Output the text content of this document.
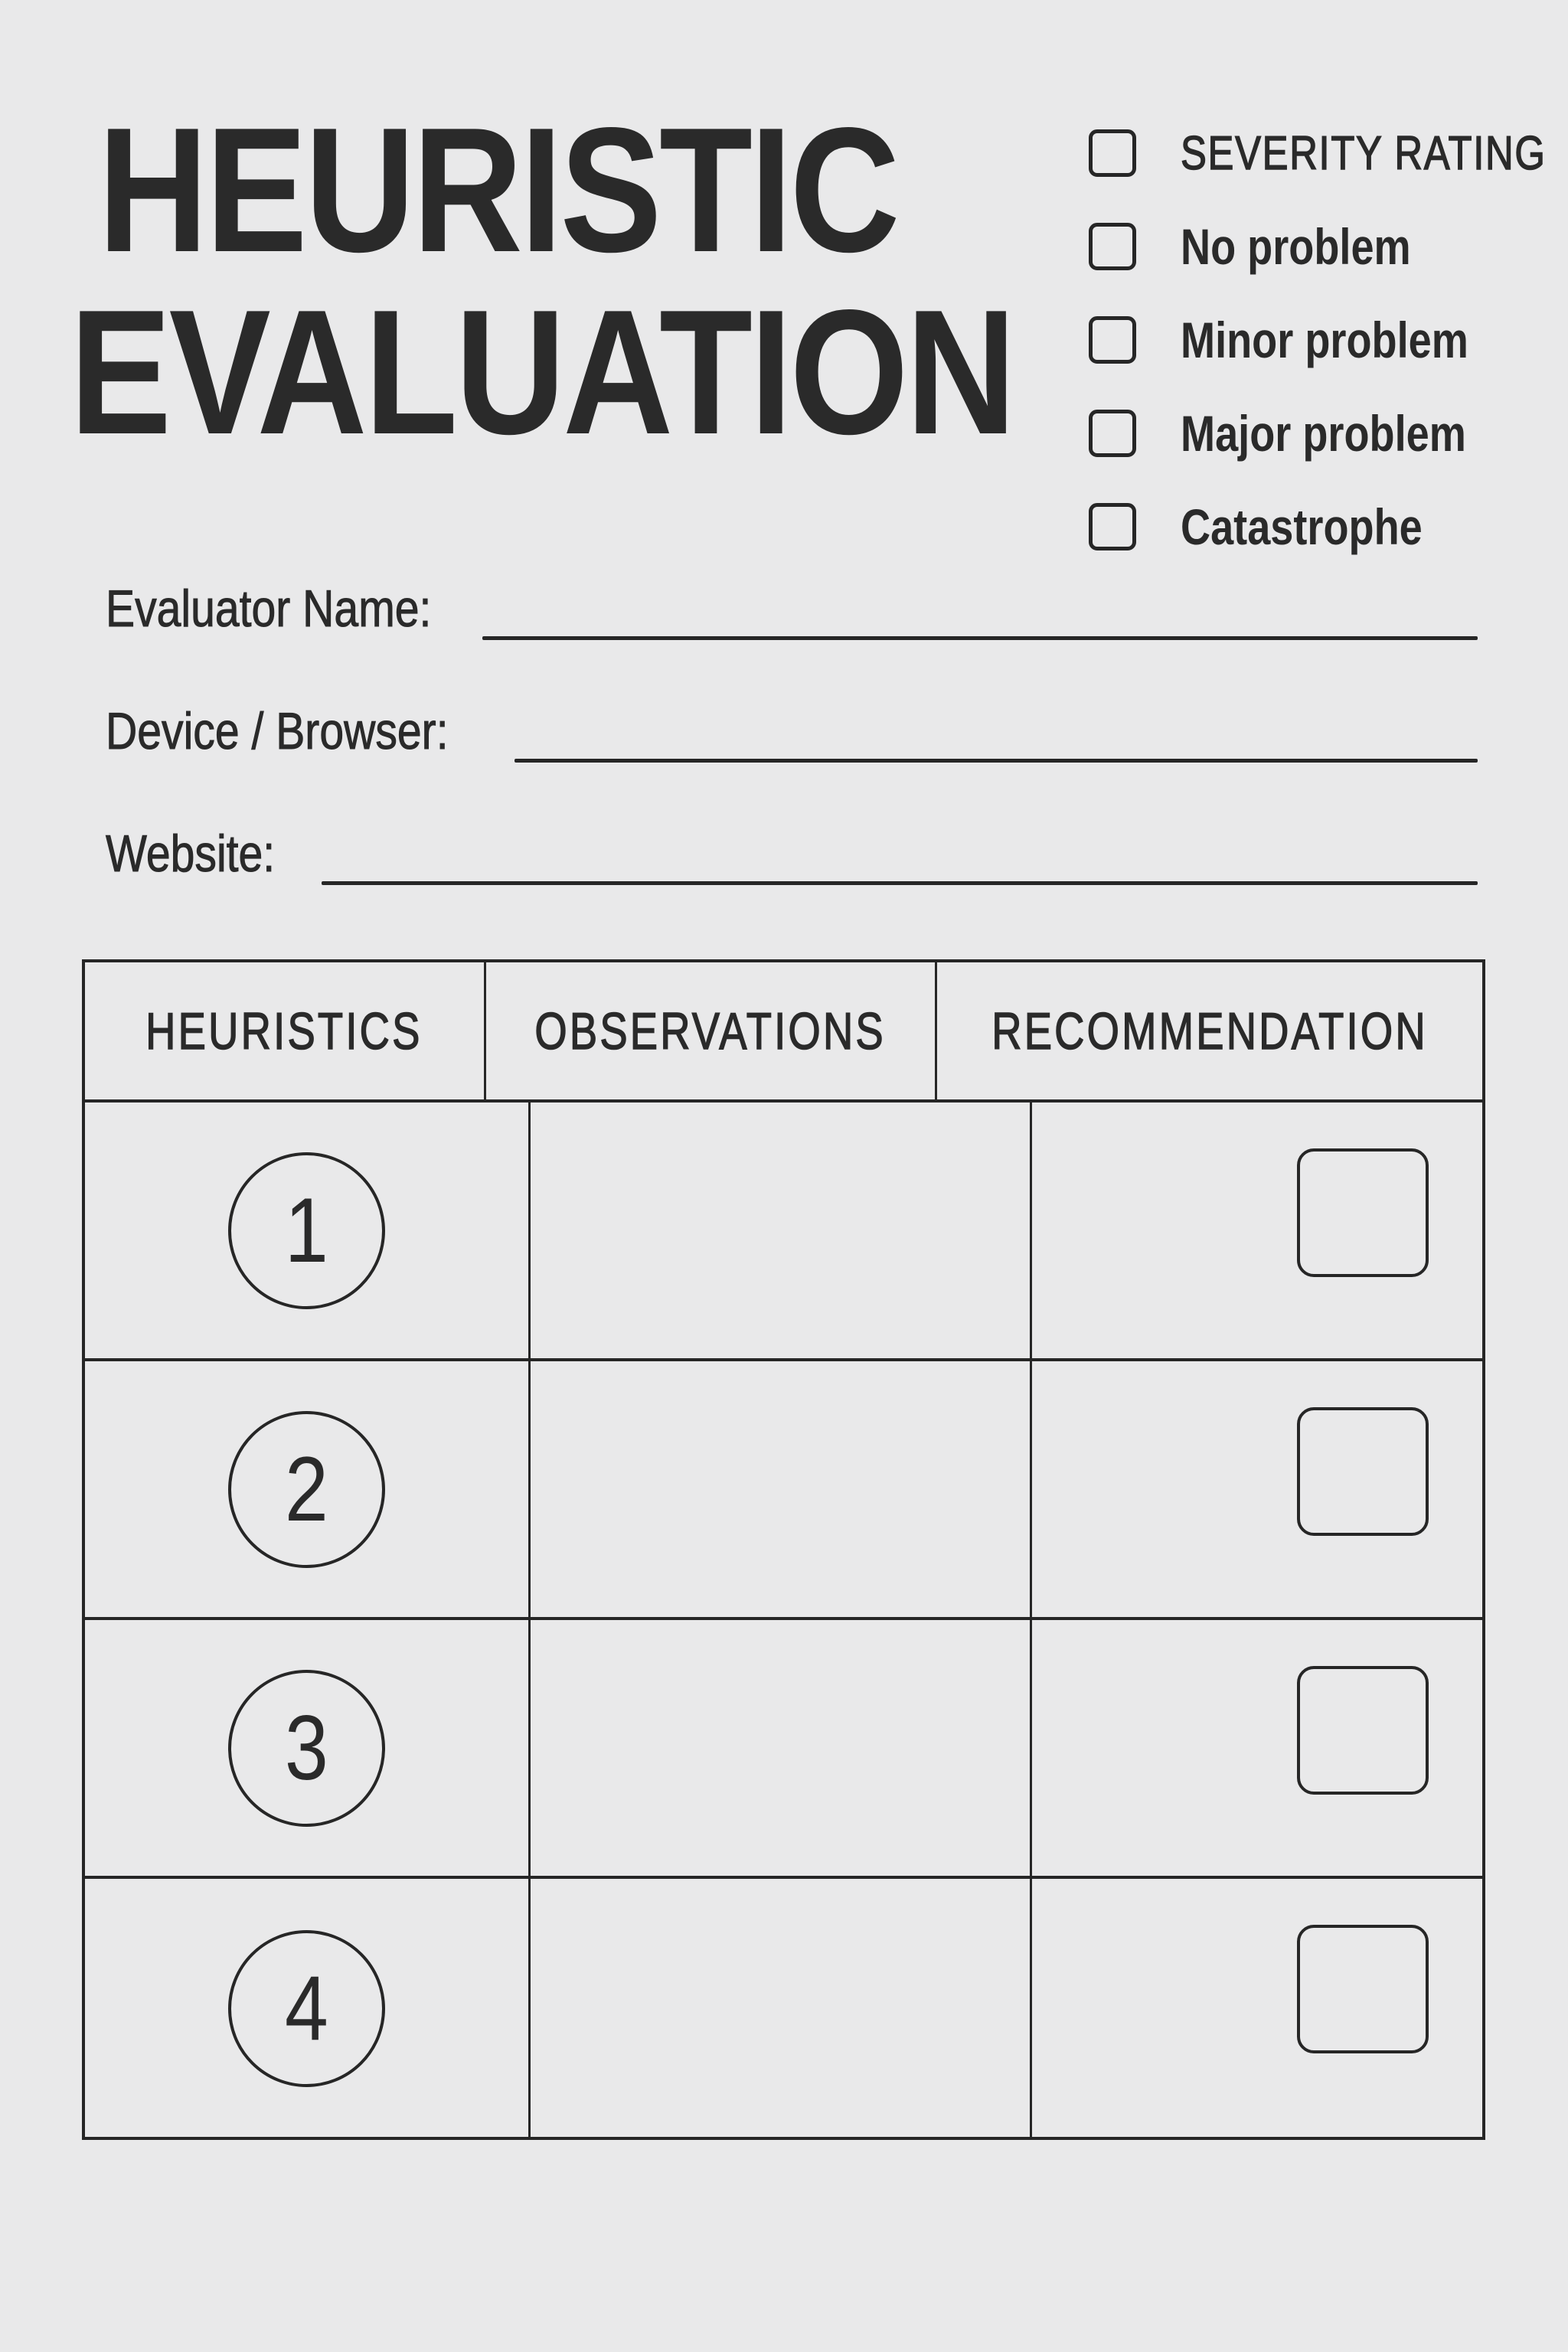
HEURISTIC
EVALUATION
SEVERITY RATING
No problem
Minor problem
Major problem
Catastrophe
Evaluator Name:
Device / Browser:
Website:
HEURISTICS OBSERVATIONS RECOMMENDATION
1
2
3
4
